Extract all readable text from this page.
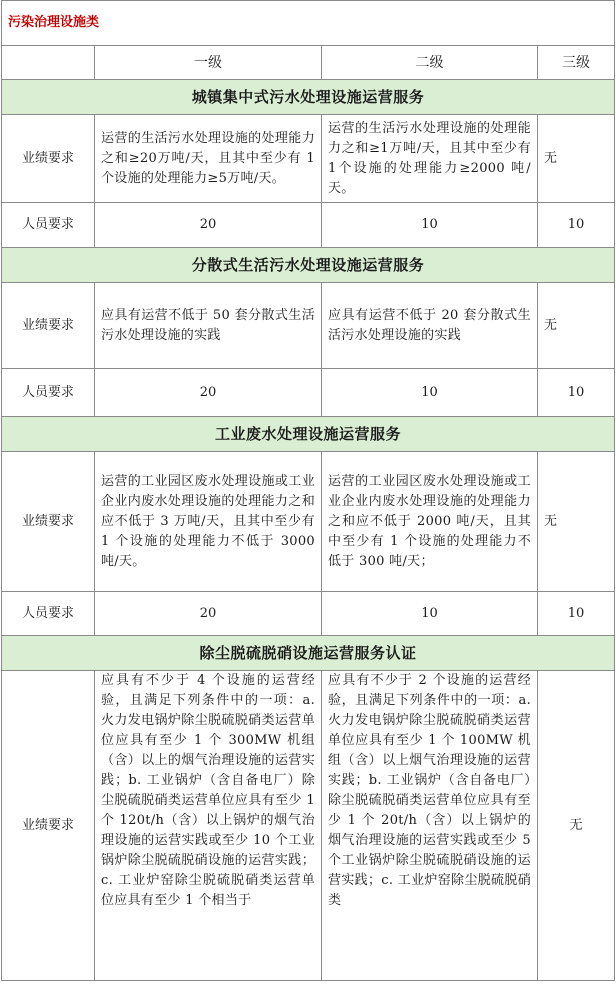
污染治理设施类			
	一级	二级	三级
城镇集中式污水处理设施运营服务			
业绩要求	运营的生活污水处理设施的处理能力之和≥20万吨/天，且其中至少有 1 个设施的处理能力≥5万吨/天。	运营的生活污水处理设施的处理能力之和≥1万吨/天，且其中至少有1个设施的处理能力≥2000 吨/天。	无
人员要求	20	10	10
分散式生活污水处理设施运营服务			
业绩要求	应具有运营不低于 50 套分散式生活污水处理设施的实践	应具有运营不低于 20 套分散式生活污水处理设施的实践	无
人员要求	20	10	10
工业废水处理设施运营服务			
业绩要求	运营的工业园区废水处理设施或工业企业内废水处理设施的处理能力之和应不低于 3 万吨/天，且其中至少有 1 个设施的处理能力不低于 3000 吨/天。	运营的工业园区废水处理设施或工业企业内废水处理设施的处理能力之和应不低于 2000 吨/天，且其中至少有 1 个设施的处理能力不低于 300 吨/天；	无
人员要求	20	10	10
除尘脱硫脱硝设施运营服务认证			
业绩要求	应具有不少于 4 个设施的运营经验，且满足下列条件中的一项：a. 火力发电锅炉除尘脱硫脱硝类运营单位应具有至少 1 个 300MW 机组（含）以上的烟气治理设施的运营实践；b. 工业锅炉（含自备电厂）除尘脱硫脱硝类运营单位应具有至少 1 个 120t/h（含）以上锅炉的烟气治理设施的运营实践或至少 10 个工业锅炉除尘脱硫脱硝设施的运营实践；c. 工业炉窑除尘脱硫脱硝类运营单位应具有至少 1 个相当于	应具有不少于 2 个设施的运营经验，且满足下列条件中的一项：a. 火力发电锅炉除尘脱硫脱硝类运营单位应具有至少 1 个 100MW 机组（含）以上烟气治理设施的运营实践；b. 工业锅炉（含自备电厂）除尘脱硫脱硝类运营单位应具有至少 1 个 20t/h（含）以上锅炉的烟气治理设施的运营实践或至少 5 个工业锅炉除尘脱硫脱硝设施的运营实践；c. 工业炉窑除尘脱硫脱硝类	无
